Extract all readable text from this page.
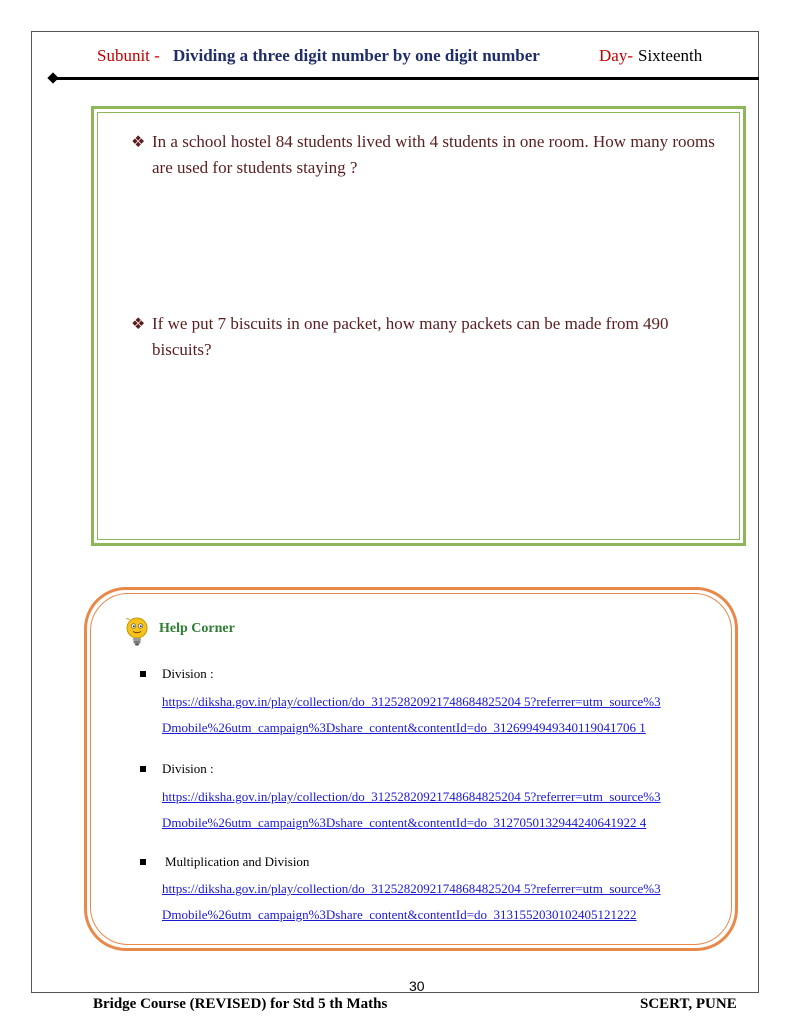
Subunit - Dividing a three digit number by one digit number	Day- Sixteenth
❖ In a school hostel 84 students lived with 4 students in one room. How many rooms are used for students staying ?
❖ If we put 7 biscuits in one packet, how many packets can be made from 490 biscuits?
Help Corner
Division :
https://diksha.gov.in/play/collection/do_31252820921748684825204 5?referrer=utm_source%3
Dmobile%26utm_campaign%3Dshare_content&contentId=do_3126994949340119041706 1
Division :
https://diksha.gov.in/play/collection/do_31252820921748684825204 5?referrer=utm_source%3
Dmobile%26utm_campaign%3Dshare_content&contentId=do_3127050132944240641922 4
Multiplication and Division
https://diksha.gov.in/play/collection/do_31252820921748684825204 5?referrer=utm_source%3
Dmobile%26utm_campaign%3Dshare_content&contentId=do_3131552030102405121222
30
Bridge Course (REVISED) for Std 5 th Maths	SCERT, PUNE
